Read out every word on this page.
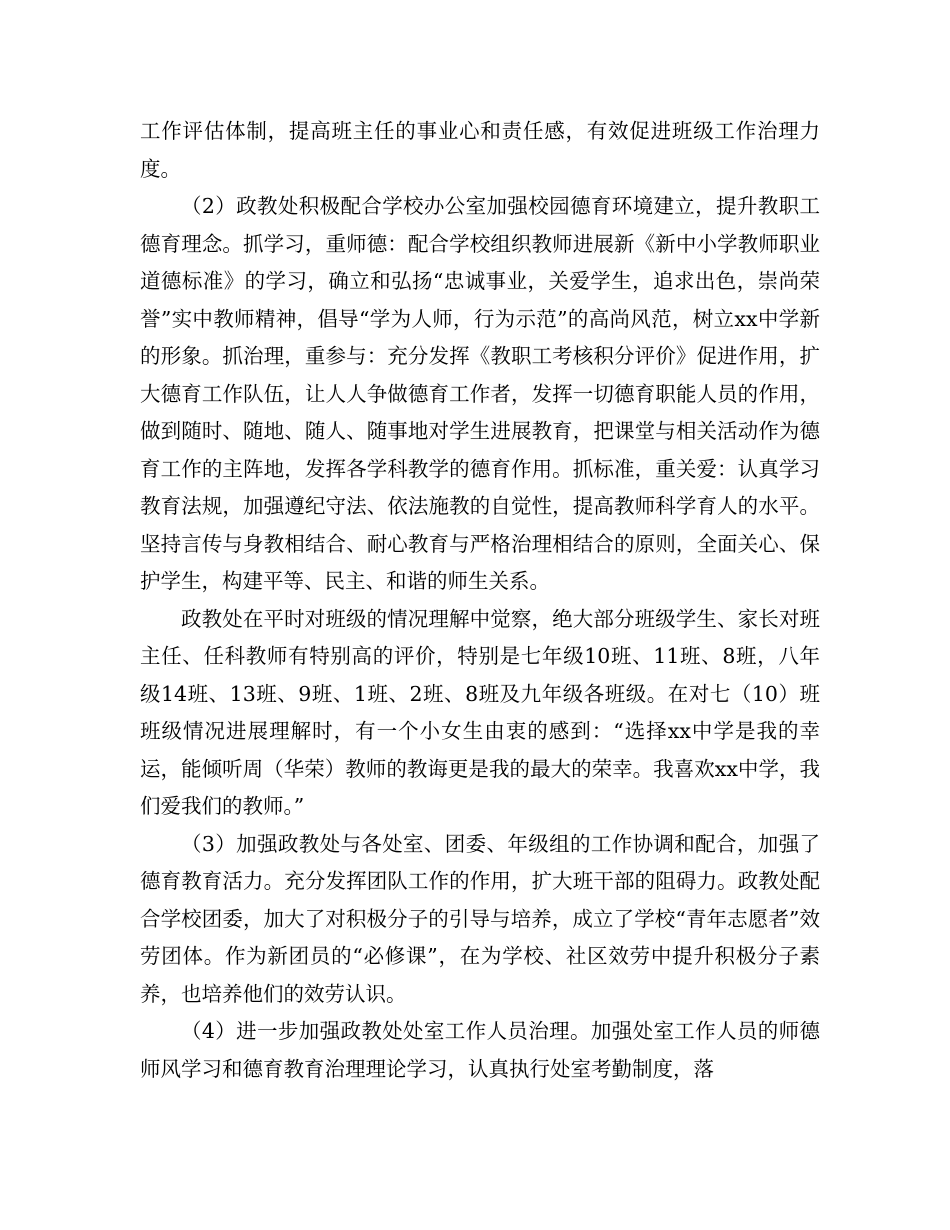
工作评估体制，提高班主任的事业心和责任感，有效促进班级工作治理力度。

（2）政教处积极配合学校办公室加强校园德育环境建立，提升教职工德育理念。抓学习，重师德：配合学校组织教师进展新《新中小学教师职业道德标准》的学习，确立和弘扬“忠诚事业，关爱学生，追求出色，崇尚荣誉”实中教师精神，倡导“学为人师，行为示范”的高尚风范，树立xx中学新的形象。抓治理，重参与：充分发挥《教职工考核积分评价》促进作用，扩大德育工作队伍，让人人争做德育工作者，发挥一切德育职能人员的作用，做到随时、随地、随人、随事地对学生进展教育，把课堂与相关活动作为德育工作的主阵地，发挥各学科教学的德育作用。抓标准，重关爱：认真学习教育法规，加强遵纪守法、依法施教的自觉性，提高教师科学育人的水平。坚持言传与身教相结合、耐心教育与严格治理相结合的原则，全面关心、保护学生，构建平等、民主、和谐的师生关系。

政教处在平时对班级的情况理解中觉察，绝大部分班级学生、家长对班主任、任科教师有特别高的评价，特别是七年级10班、11班、8班，八年级14班、13班、9班、1班、2班、8班及九年级各班级。在对七（10）班班级情况进展理解时，有一个小女生由衷的感到：“选择xx中学是我的幸运，能倾听周（华荣）教师的教诲更是我的最大的荣幸。我喜欢xx中学，我们爱我们的教师。”

（3）加强政教处与各处室、团委、年级组的工作协调和配合，加强了德育教育活力。充分发挥团队工作的作用，扩大班干部的阻碍力。政教处配合学校团委，加大了对积极分子的引导与培养，成立了学校“青年志愿者”效劳团体。作为新团员的“必修课”，在为学校、社区效劳中提升积极分子素养，也培养他们的效劳认识。

（4）进一步加强政教处处室工作人员治理。加强处室工作人员的师德师风学习和德育教育治理理论学习，认真执行处室考勤制度，落
